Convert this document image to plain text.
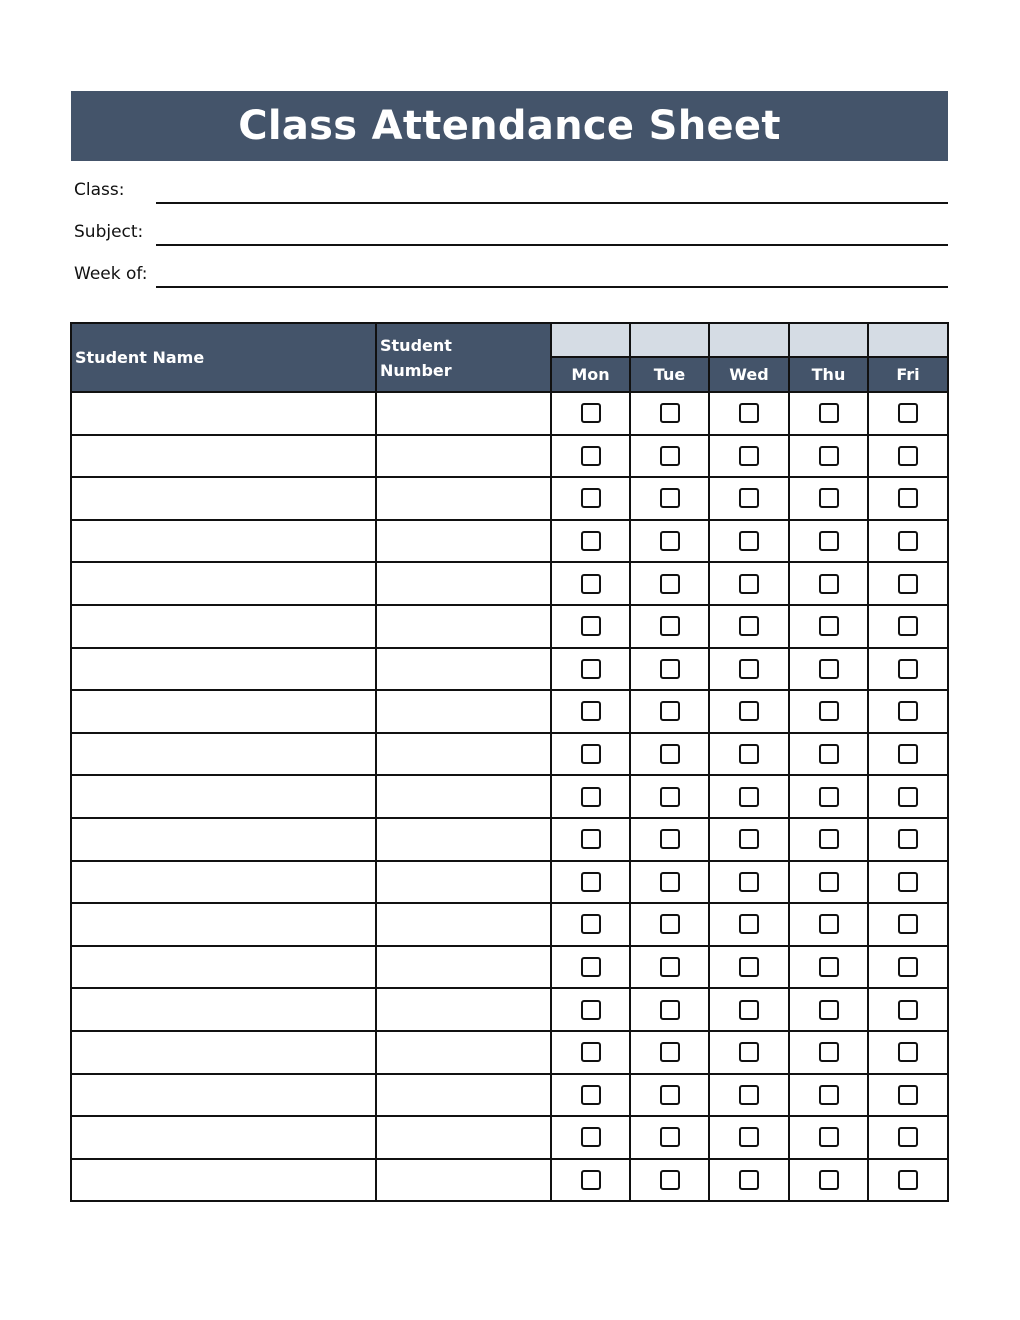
Class Attendance Sheet
Class:
Subject:
Week of:
Student Name	Student
Number					
		Mon	Tue	Wed	Thu	Fri
